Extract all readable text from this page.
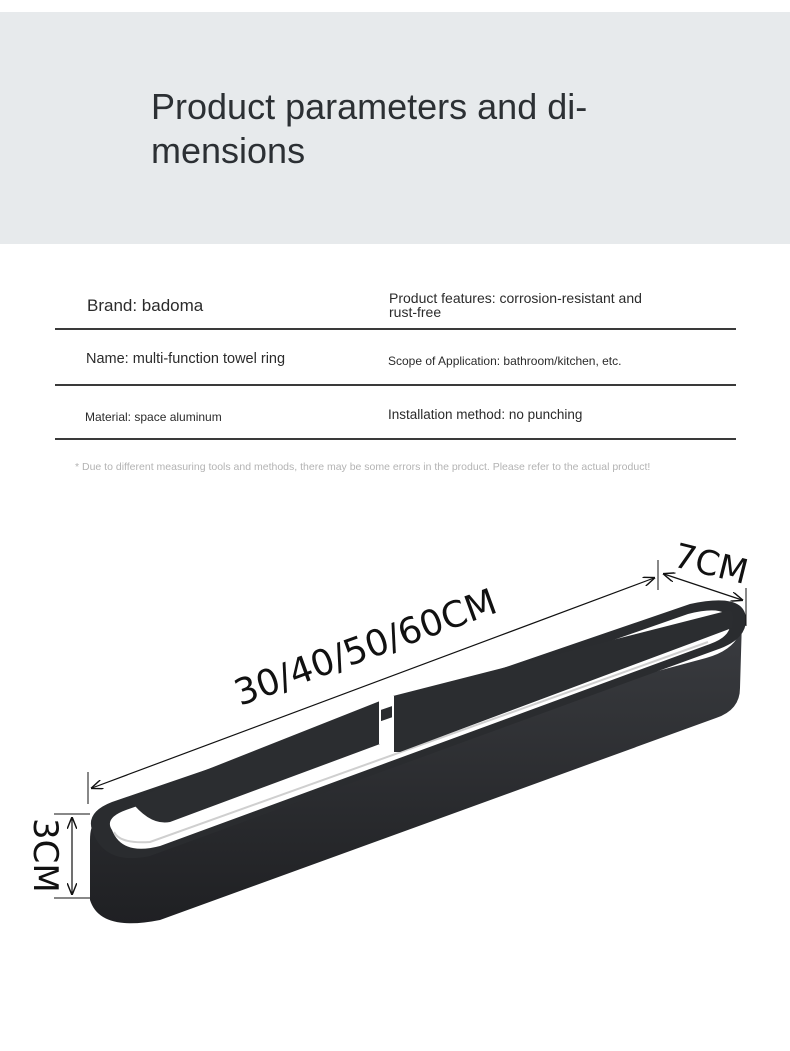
Product parameters and di-
mensions
Brand: badoma	Product features: corrosion-resistant and rust-free
Name: multi-function towel ring	Scope of Application: bathroom/kitchen, etc.
Material: space aluminum	Installation method: no punching
* Due to different measuring tools and methods, there may be some errors in the product. Please refer to the actual product!
30/40/50/60CM
7CM
3CM
